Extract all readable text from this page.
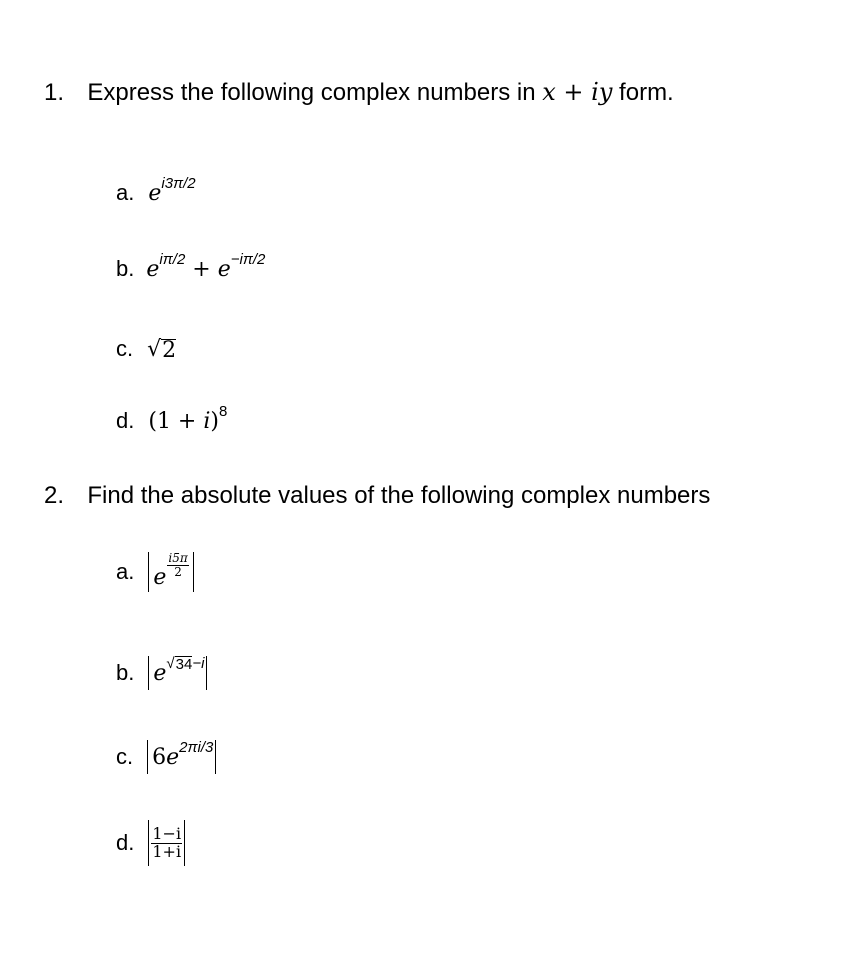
1. Express the following complex numbers in x + iy form.
a. e i3π/2
b. e iπ/2 + e −iπ/2
c. √ 2
d. (1 + i ) 8
2. Find the absolute values of the following complex numbers
a. e $\frac{i5\pi}{2}$
b. e √ 34 −i
c. 6 e 2πi/3
d. $\frac{1-i}{1+i}$
